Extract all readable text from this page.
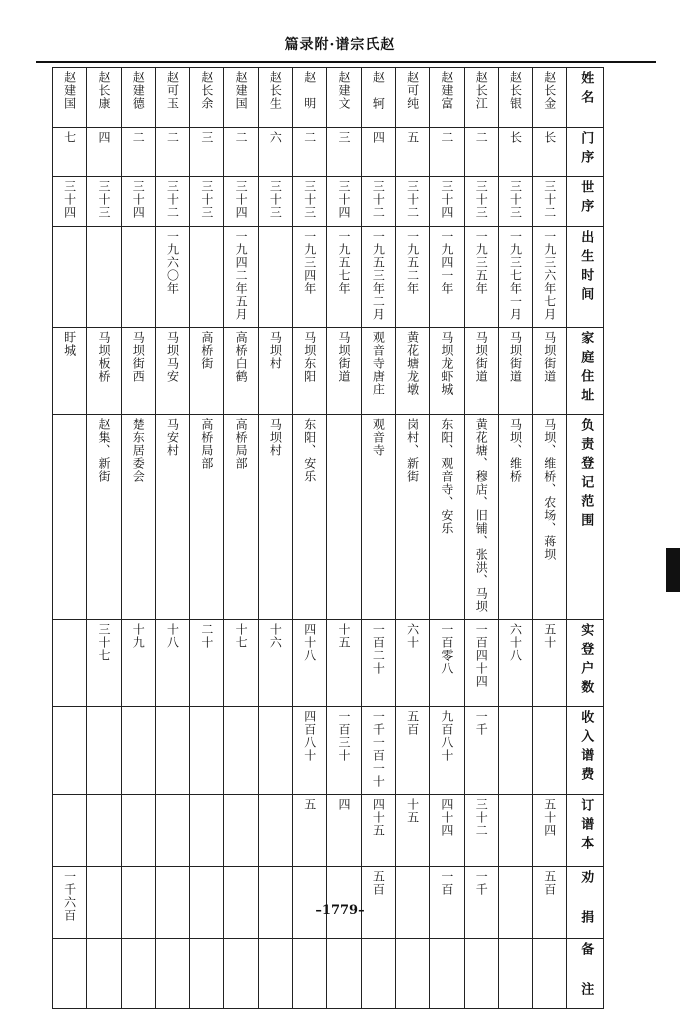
篇录附·谱宗氏赵
赵建国	赵长康	赵建德	赵可玉	赵长余	赵建国	赵长生	赵　明	赵建文	赵　轲	赵可纯	赵建富	赵长江	赵长银	赵长金	姓名
七	四	二	二	三	二	六	二	三	四	五	二	二	长	长	门序
三十四	三十三	三十四	三十二	三十三	三十四	三十三	三十三	三十四	三十二	三十二	三十四	三十三	三十三	三十二	世序
			一九六〇年		一九四二年五月		一九三四年	一九五七年	一九五三年二月	一九五二年	一九四一年	一九三五年	一九三七年一月	一九三六年七月	出生时间
盱城	马坝板桥	马坝街西	马坝马安	高桥街	高桥白鹤	马坝村	马坝东阳	马坝街道	观音寺唐庄	黄花塘龙墩	马坝龙虾城	马坝街道	马坝街道	马坝街道	家庭住址
	赵集、新街	楚东居委会	马安村	高桥局部	高桥局部	马坝村	东阳、安乐		观音寺	岗村、新街	东阳、观音寺、安乐	黄花塘、穆店、旧铺、张洪、马坝	马坝、维桥	马坝、维桥、农场、蒋坝	负责登记范围
	三十七	十九	十八	二十	十七	十六	四十八	十五	一百二十	六十	一百零八	一百四十四	六十八	五十	实登户数
							四百八十	一百三十	一千一百一十	五百	九百八十	一千			收入谱费
							五	四	四十五	十五	四十四	三十二		五十四	订谱本
一千六百									五百		一百	一千		五百	劝 捐
															备 注
–1779–
